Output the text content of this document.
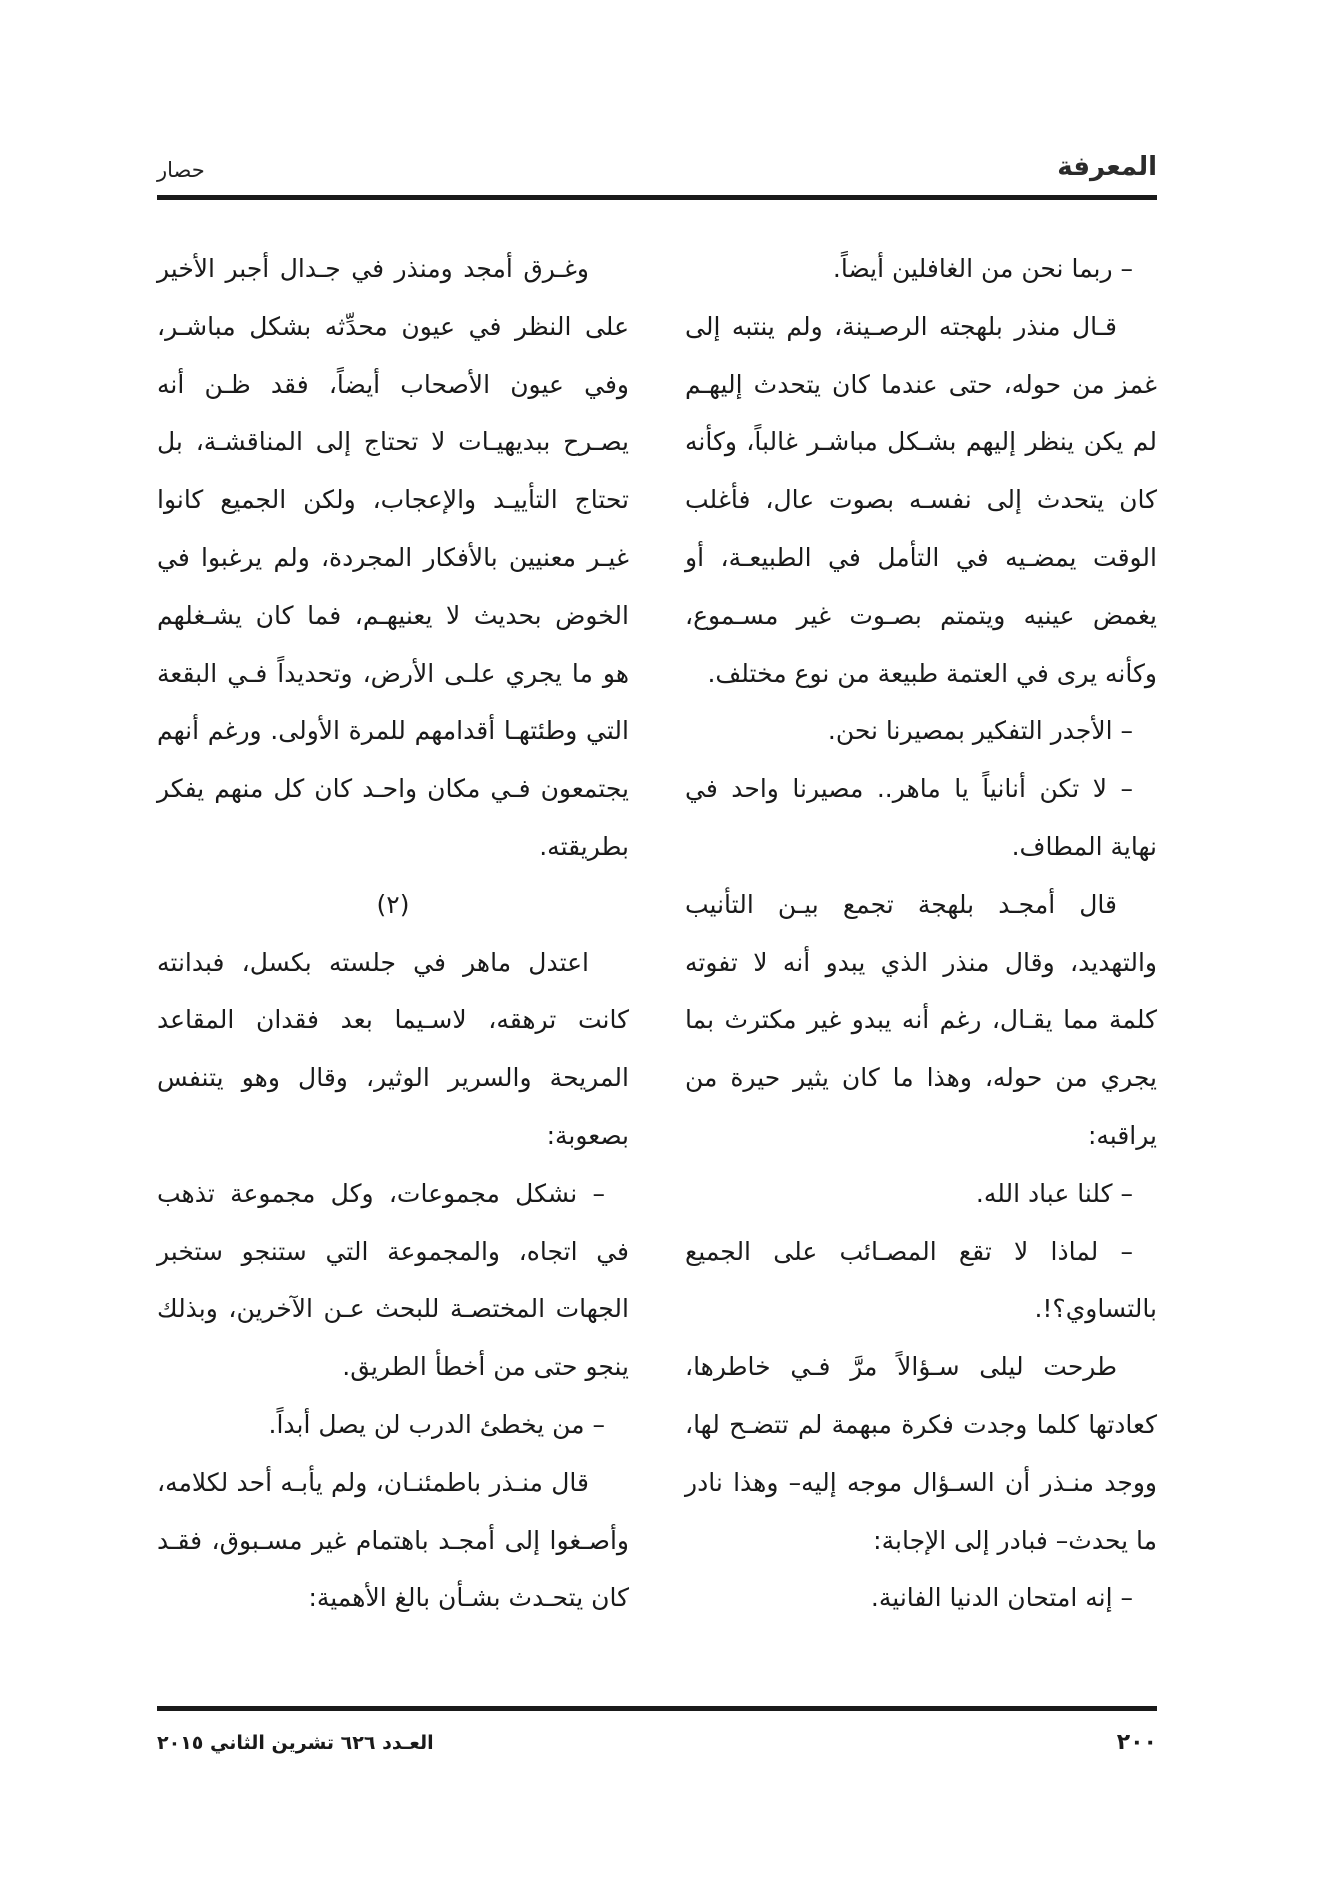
المعرفة
حصار

– ربما نحن من الغافلين أيضاً.

قـال منذر بلهجته الرصـينة، ولم ينتبه إلى غمز من حوله، حتى عندما كان يتحدث إليهـم لم يكن ينظر إليهم بشـكل مباشـر غالباً، وكأنه كان يتحدث إلى نفسـه بصوت عال، فأغلب الوقت يمضـيه في التأمل في الطبيعـة، أو يغمض عينيه ويتمتم بصـوت غير مسـموع، وكأنه يرى في العتمة طبيعة من نوع مختلف.

– الأجدر التفكير بمصيرنا نحن.

– لا تكن أنانياً يا ماهر.. مصيرنا واحد في نهاية المطاف.

قال أمجـد بلهجة تجمع بيـن التأنيب والتهديد، وقال منذر الذي يبدو أنه لا تفوته كلمة مما يقـال، رغم أنه يبدو غير مكترث بما يجري من حوله، وهذا ما كان يثير حيرة من يراقبه:

– كلنا عباد الله.

– لماذا لا تقع المصـائب على الجميع بالتساوي؟!.

طرحت ليلى سـؤالاً مرَّ فـي خاطرها، كعادتها كلما وجدت فكرة مبهمة لم تتضـح لها، ووجد منـذر أن السـؤال موجه إليه– وهذا نادر ما يحدث– فبادر إلى الإجابة:

– إنه امتحان الدنيا الفانية.

وغـرق أمجد ومنذر في جـدال أجبر الأخير على النظر في عيون محدِّثه بشكل مباشـر، وفي عيون الأصحاب أيضاً، فقد ظـن أنه يصـرح ببديهيـات لا تحتاج إلى المناقشـة، بل تحتاج التأييـد والإعجاب، ولكن الجميع كانوا غيـر معنيين بالأفكار المجردة، ولم يرغبوا في الخوض بحديث لا يعنيهـم، فما كان يشـغلهم هو ما يجري علـى الأرض، وتحديداً فـي البقعة التي وطئتهـا أقدامهم للمرة الأولى. ورغم أنهم يجتمعون فـي مكان واحـد كان كل منهم يفكر بطريقته.

(٢)

اعتدل ماهر في جلسته بكسل، فبدانته كانت ترهقه، لاسـيما بعد فقدان المقاعد المريحة والسرير الوثير، وقال وهو يتنفس بصعوبة:

– نشكل مجموعات، وكل مجموعة تذهب في اتجاه، والمجموعة التي ستنجو ستخبر الجهات المختصـة للبحث عـن الآخرين، وبذلك ينجو حتى من أخطأ الطريق.

– من يخطئ الدرب لن يصل أبداً.

قال منـذر باطمئنـان، ولم يأبـه أحد لكلامه، وأصـغوا إلى أمجـد باهتمام غير مسـبوق، فقـد كان يتحـدث بشـأن بالغ الأهمية:

٢٠٠
العـدد ٦٢٦ تشرين الثاني ٢٠١٥
